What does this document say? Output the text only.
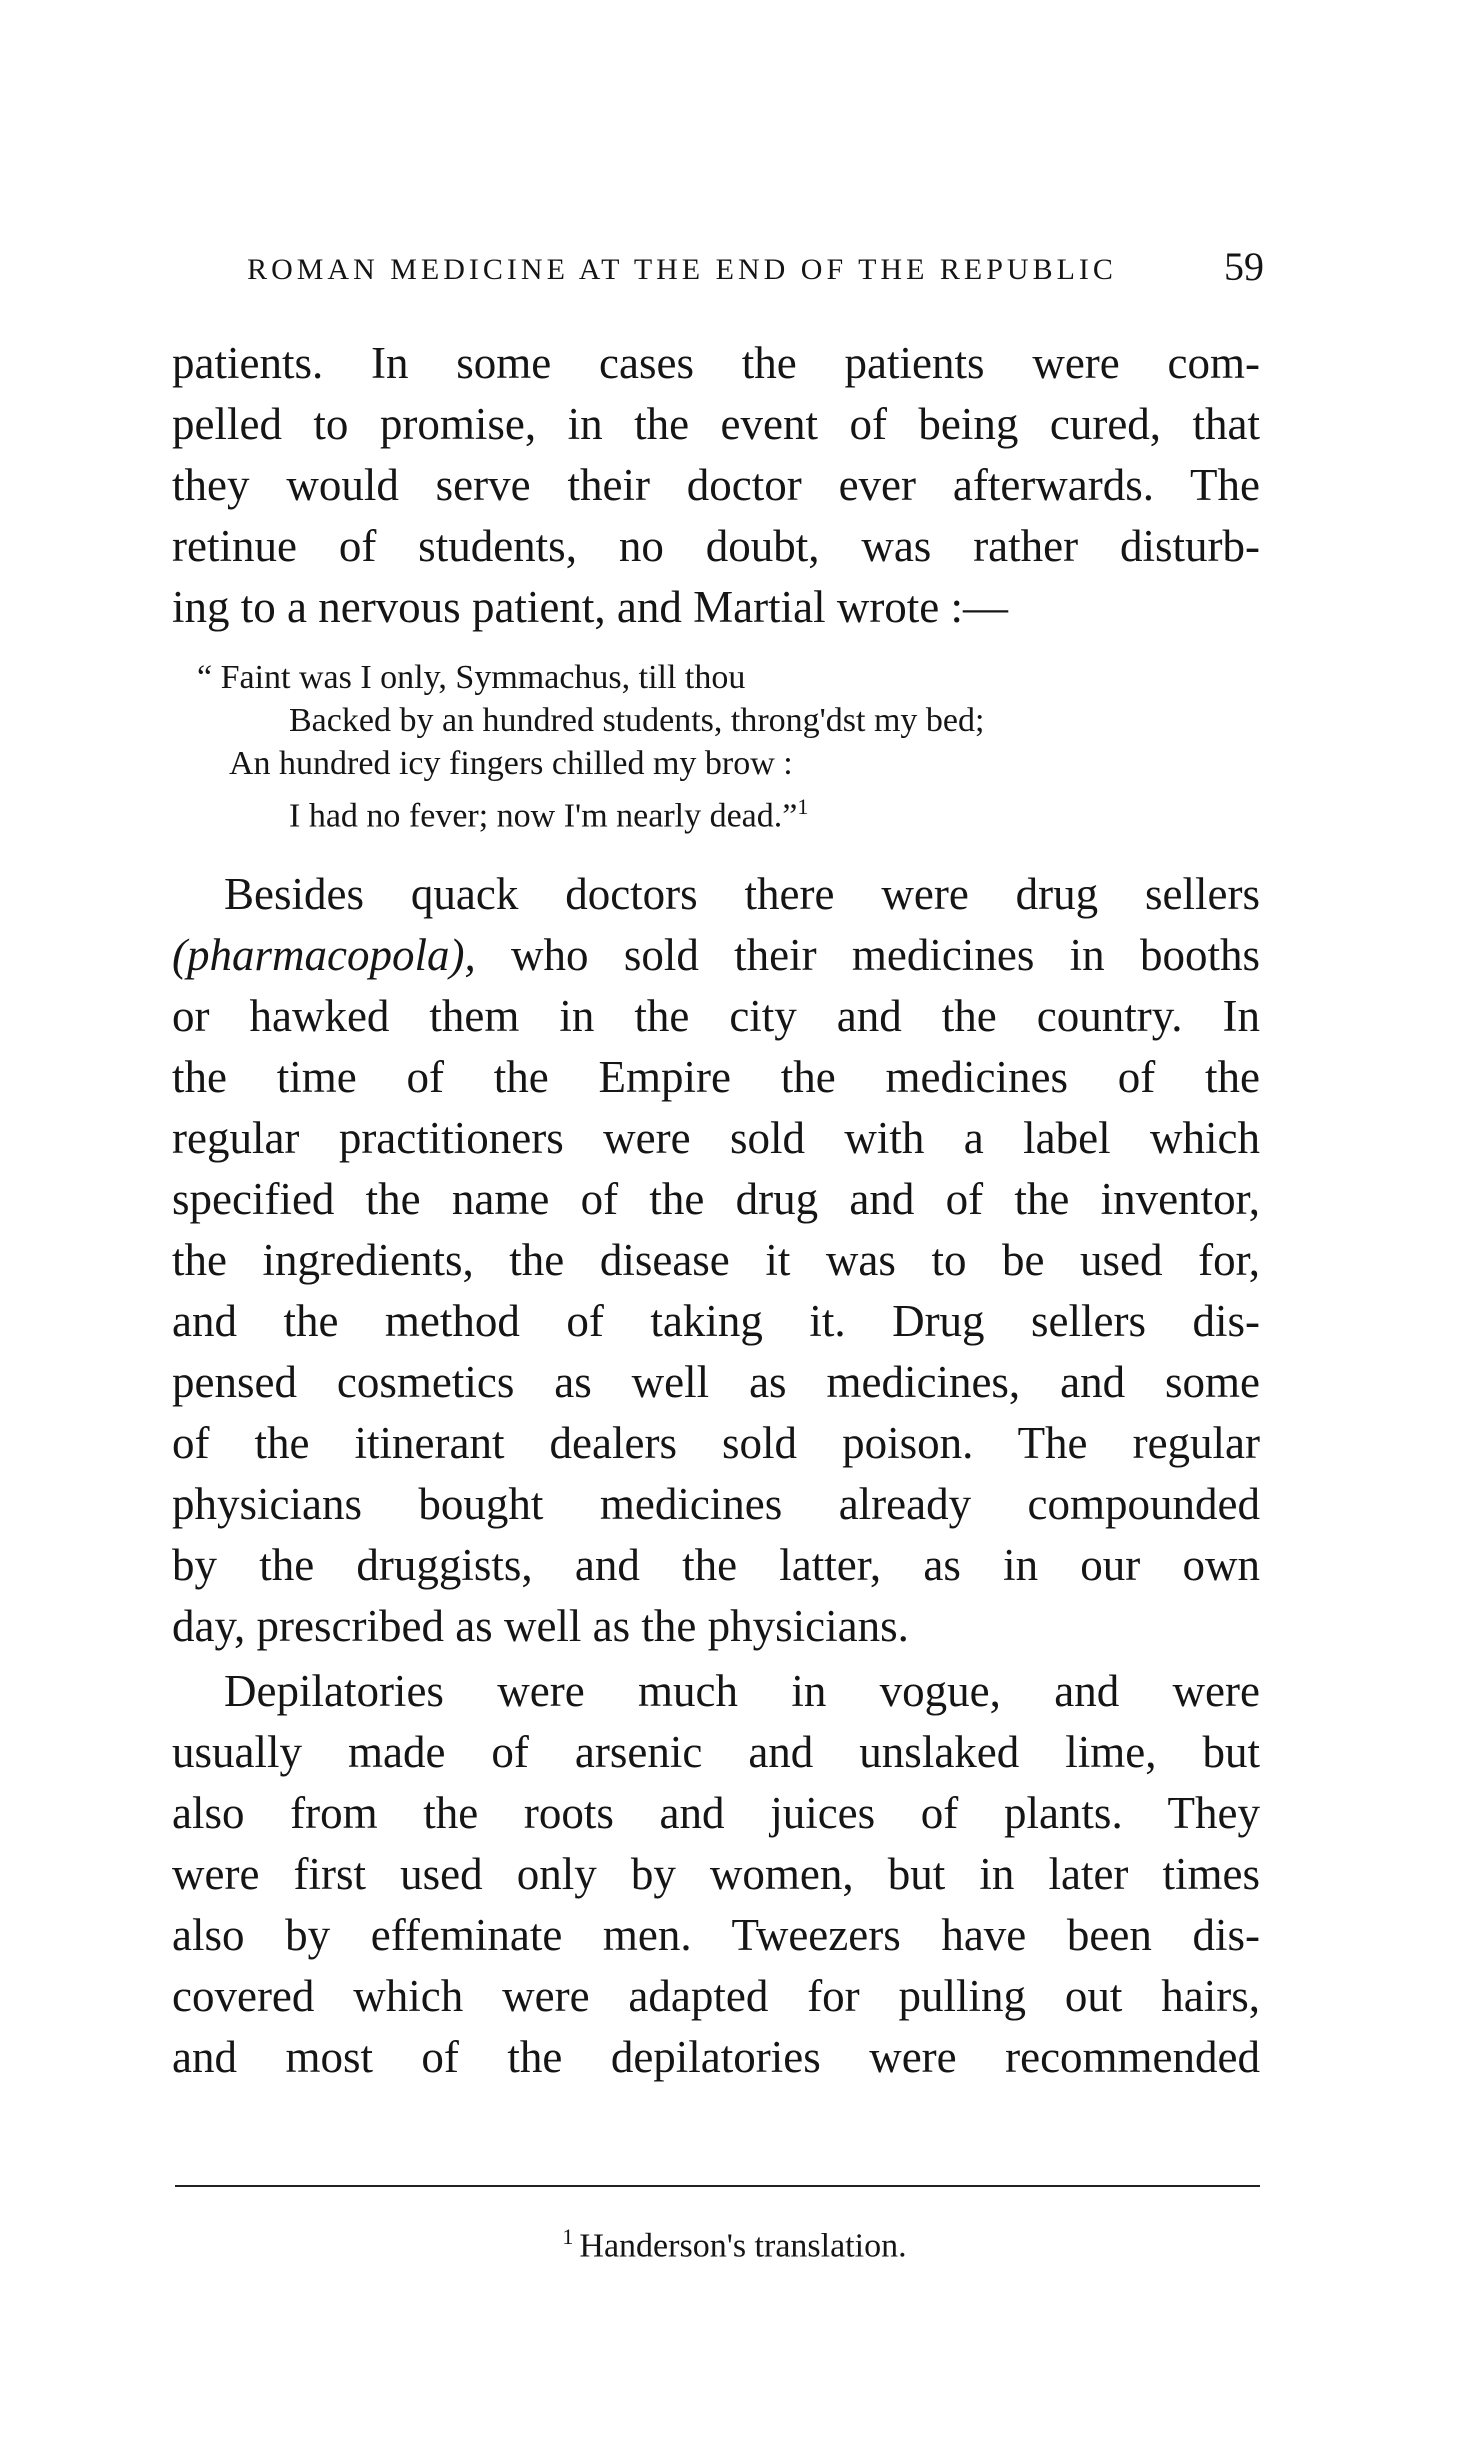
ROMAN MEDICINE AT THE END OF THE REPUBLIC	59
patients. In some cases the patients were com-
pelled to promise, in the event of being cured, that
they would serve their doctor ever afterwards. The
retinue of students, no doubt, was rather disturb-
ing to a nervous patient, and Martial wrote :—
“ Faint was I only, Symmachus, till thou
Backed by an hundred students, throng'dst my bed;
An hundred icy fingers chilled my brow :
I had no fever; now I'm nearly dead.”$^1$
Besides quack doctors there were drug sellers
(pharmacopola), who sold their medicines in booths
or hawked them in the city and the country. In
the time of the Empire the medicines of the
regular practitioners were sold with a label which
specified the name of the drug and of the inventor,
the ingredients, the disease it was to be used for,
and the method of taking it. Drug sellers dis-
pensed cosmetics as well as medicines, and some
of the itinerant dealers sold poison. The regular
physicians bought medicines already compounded
by the druggists, and the latter, as in our own
day, prescribed as well as the physicians.
Depilatories were much in vogue, and were
usually made of arsenic and unslaked lime, but
also from the roots and juices of plants. They
were first used only by women, but in later times
also by effeminate men. Tweezers have been dis-
covered which were adapted for pulling out hairs,
and most of the depilatories were recommended
$^1$ Handerson's translation.
